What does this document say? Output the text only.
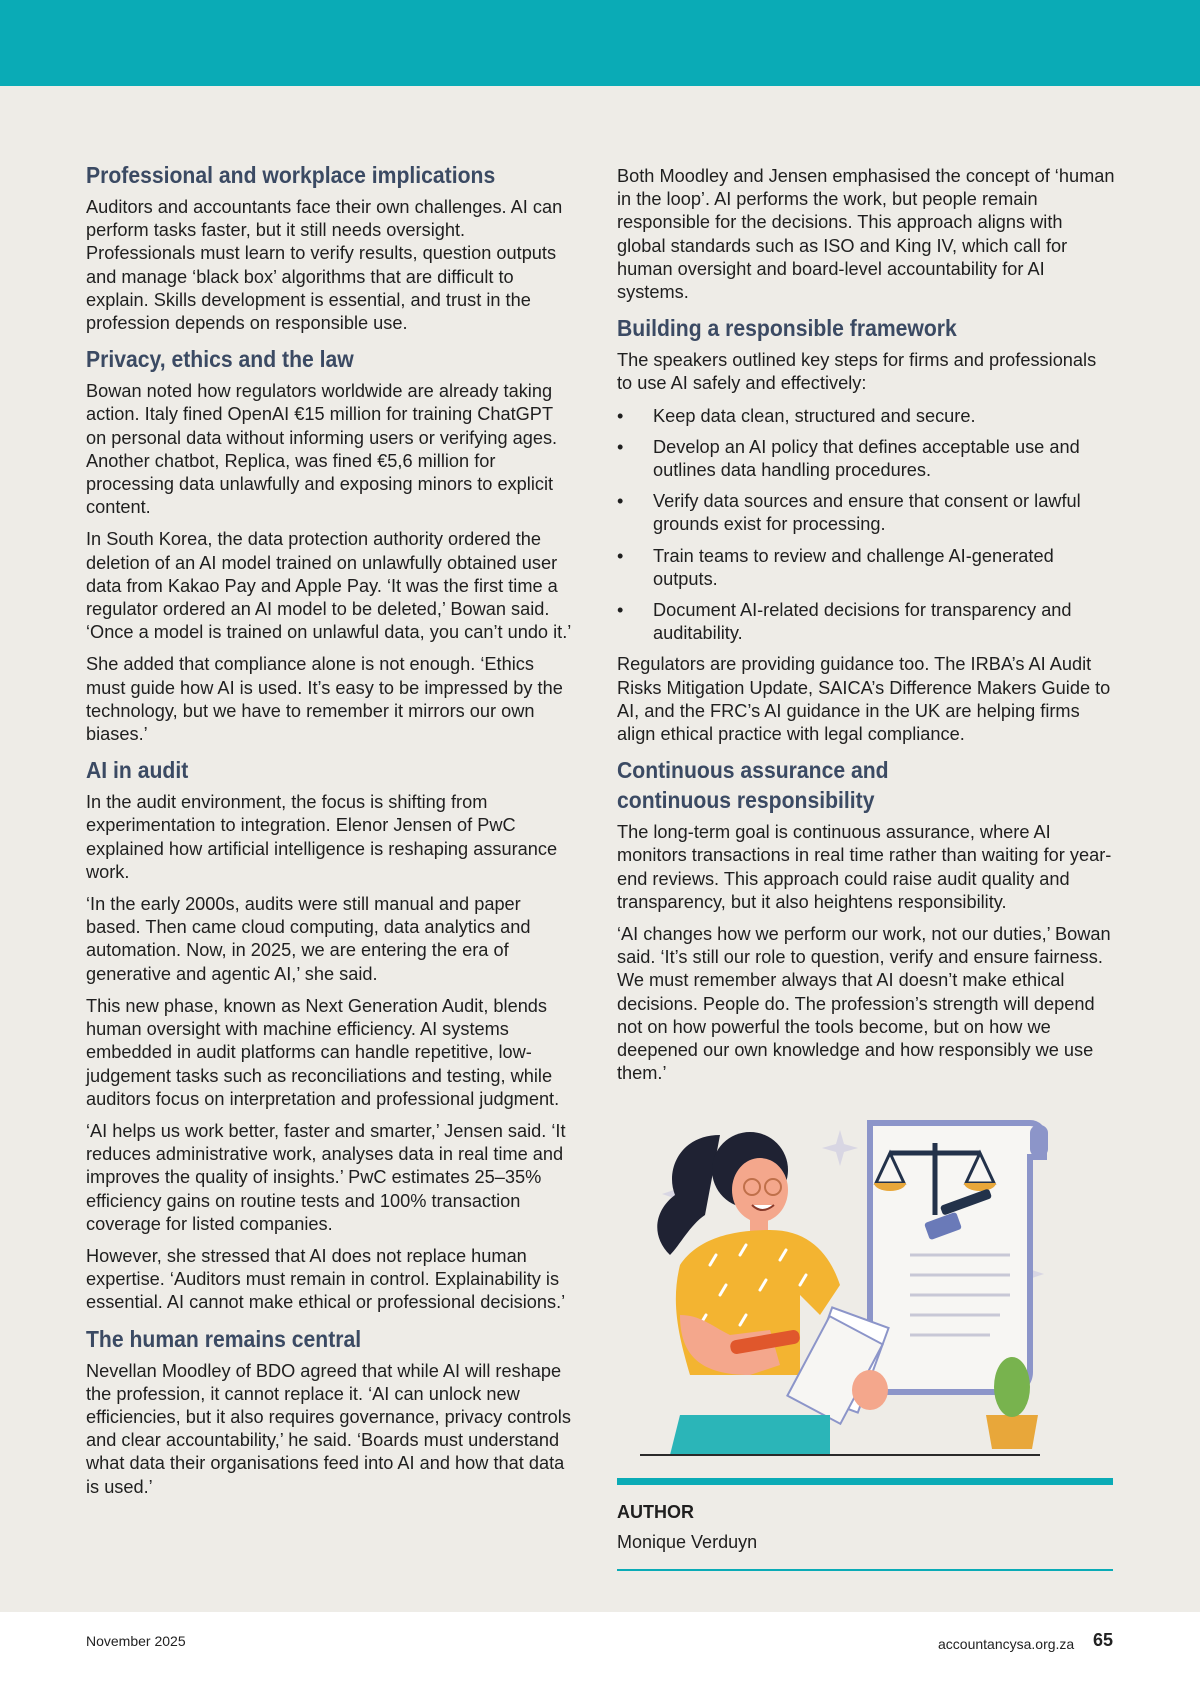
Professional and workplace implications

Auditors and accountants face their own challenges. AI can perform tasks faster, but it still needs oversight. Professionals must learn to verify results, question outputs and manage ‘black box’ algorithms that are difficult to explain. Skills development is essential, and trust in the profession depends on responsible use.

Privacy, ethics and the law

Bowan noted how regulators worldwide are already taking action. Italy fined OpenAI €15 million for training ChatGPT on personal data without informing users or verifying ages. Another chatbot, Replica, was fined €5,6 million for processing data unlawfully and exposing minors to explicit content.

In South Korea, the data protection authority ordered the deletion of an AI model trained on unlawfully obtained user data from Kakao Pay and Apple Pay. ‘It was the first time a regulator ordered an AI model to be deleted,’ Bowan said. ‘Once a model is trained on unlawful data, you can’t undo it.’

She added that compliance alone is not enough. ‘Ethics must guide how AI is used. It’s easy to be impressed by the technology, but we have to remember it mirrors our own biases.’

AI in audit

In the audit environment, the focus is shifting from experimentation to integration. Elenor Jensen of PwC explained how artificial intelligence is reshaping assurance work.

‘In the early 2000s, audits were still manual and paper based. Then came cloud computing, data analytics and automation. Now, in 2025, we are entering the era of generative and agentic AI,’ she said.

This new phase, known as Next Generation Audit, blends human oversight with machine efficiency. AI systems embedded in audit platforms can handle repetitive, low-judgement tasks such as reconciliations and testing, while auditors focus on interpretation and professional judgment.

‘AI helps us work better, faster and smarter,’ Jensen said. ‘It reduces administrative work, analyses data in real time and improves the quality of insights.’ PwC estimates 25–35% efficiency gains on routine tests and 100% transaction coverage for listed companies.

However, she stressed that AI does not replace human expertise. ‘Auditors must remain in control. Explainability is essential. AI cannot make ethical or professional decisions.’

The human remains central

Nevellan Moodley of BDO agreed that while AI will reshape the profession, it cannot replace it. ‘AI can unlock new efficiencies, but it also requires governance, privacy controls and clear accountability,’ he said. ‘Boards must understand what data their organisations feed into AI and how that data is used.’

Both Moodley and Jensen emphasised the concept of ‘human in the loop’. AI performs the work, but people remain responsible for the decisions. This approach aligns with global standards such as ISO and King IV, which call for human oversight and board-level accountability for AI systems.

Building a responsible framework

The speakers outlined key steps for firms and professionals to use AI safely and effectively:

• Keep data clean, structured and secure.
• Develop an AI policy that defines acceptable use and outlines data handling procedures.
• Verify data sources and ensure that consent or lawful grounds exist for processing.
• Train teams to review and challenge AI-generated outputs.
• Document AI-related decisions for transparency and auditability.

Regulators are providing guidance too. The IRBA’s AI Audit Risks Mitigation Update, SAICA’s Difference Makers Guide to AI, and the FRC’s AI guidance in the UK are helping firms align ethical practice with legal compliance.

Continuous assurance and
continuous responsibility

The long-term goal is continuous assurance, where AI monitors transactions in real time rather than waiting for year-end reviews. This approach could raise audit quality and transparency, but it also heightens responsibility.

‘AI changes how we perform our work, not our duties,’ Bowan said. ‘It’s still our role to question, verify and ensure fairness. We must remember always that AI doesn’t make ethical decisions. People do. The profession’s strength will depend not on how powerful the tools become, but on how we deepened our own knowledge and how responsibly we use them.’

AUTHOR
Monique Verduyn
November 2025	accountancysa.org.za 65
